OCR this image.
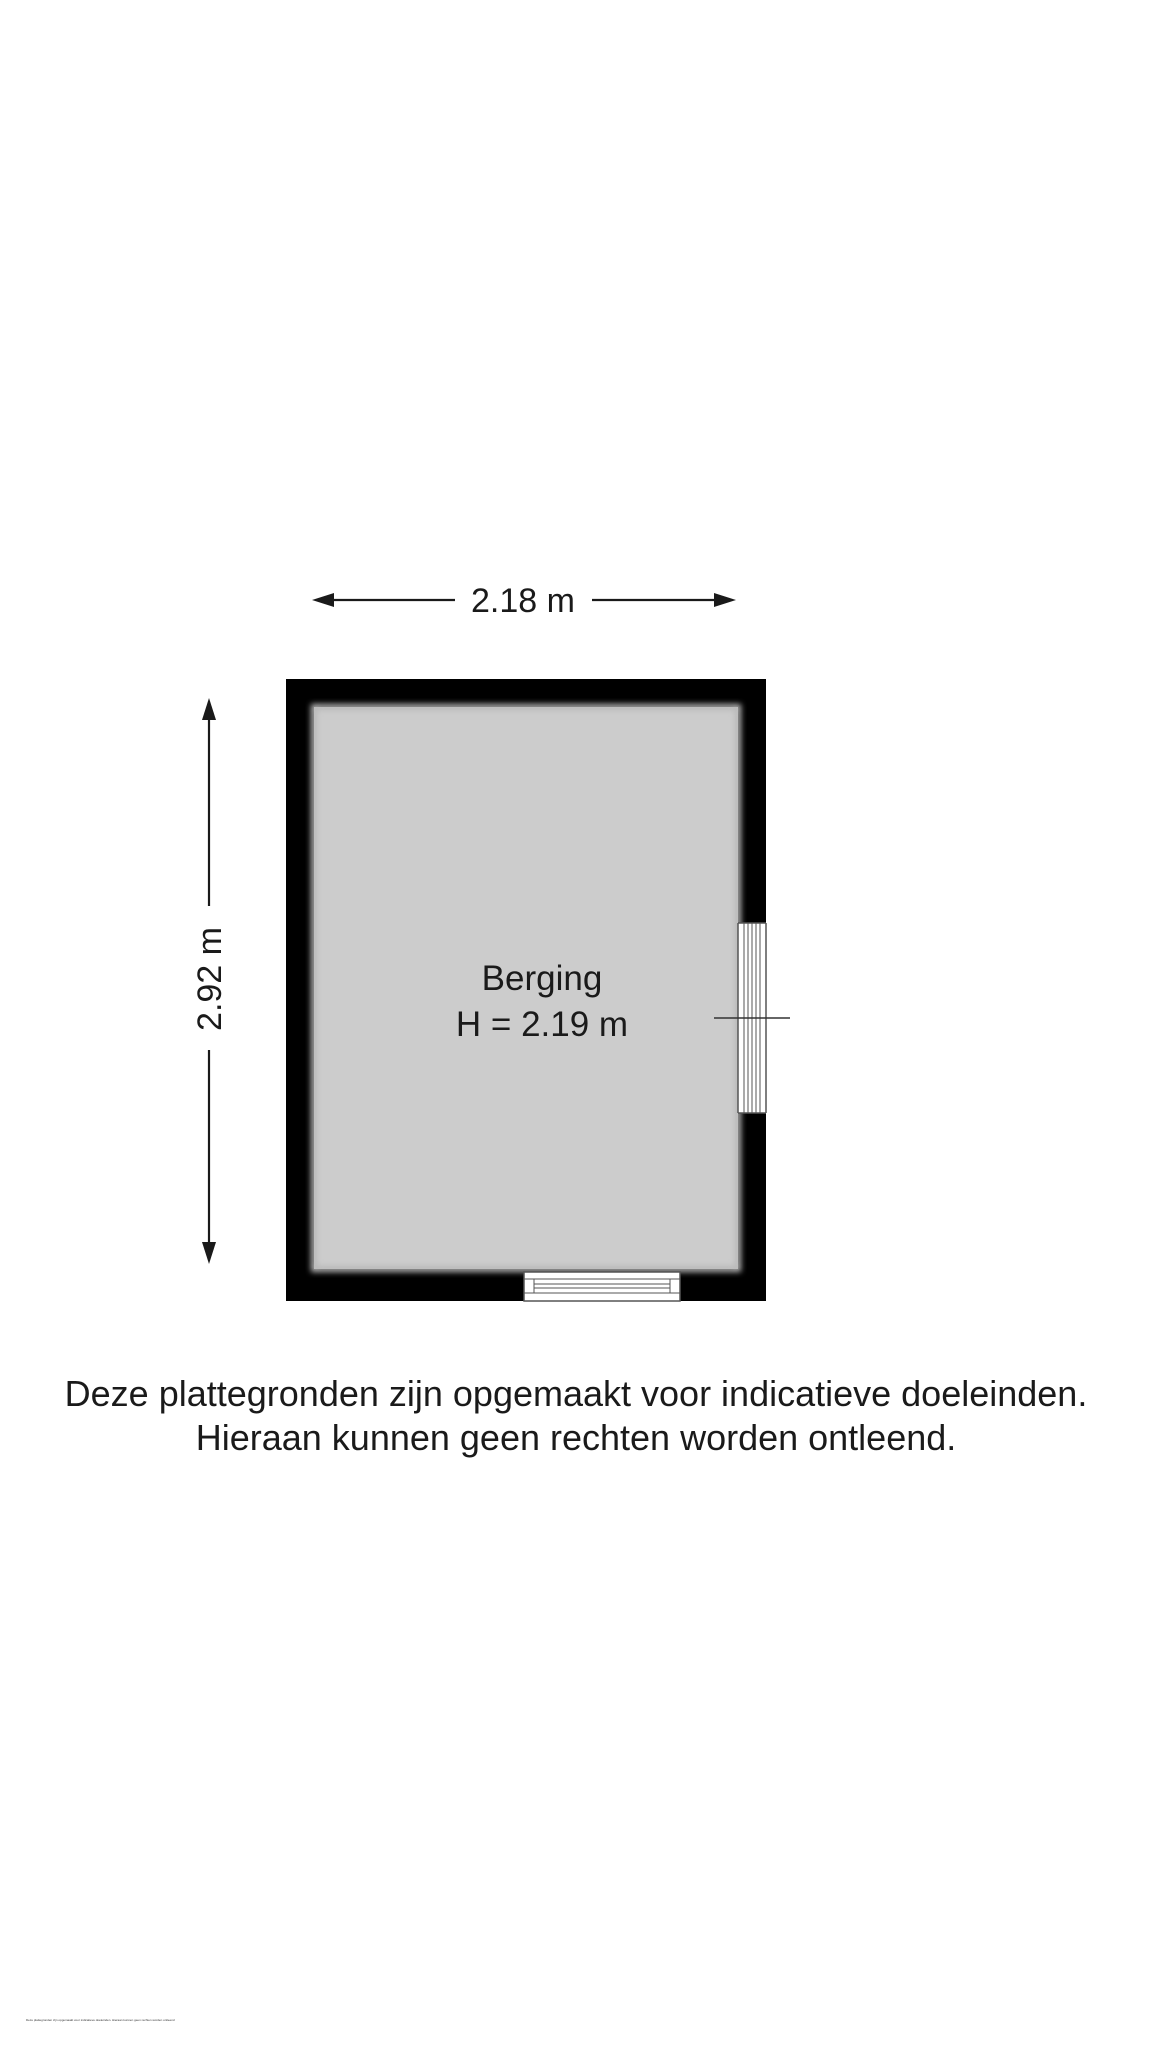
2.18 m
2.92 m	Berging
H = 2.19 m
Deze plattegronden zijn opgemaakt voor indicatieve doeleinden.
Hieraan kunnen geen rechten worden ontleend.
Deze plattegronden zijn opgemaakt voor indicatieve doeleinden. Hieraan kunnen geen rechten worden ontleend
